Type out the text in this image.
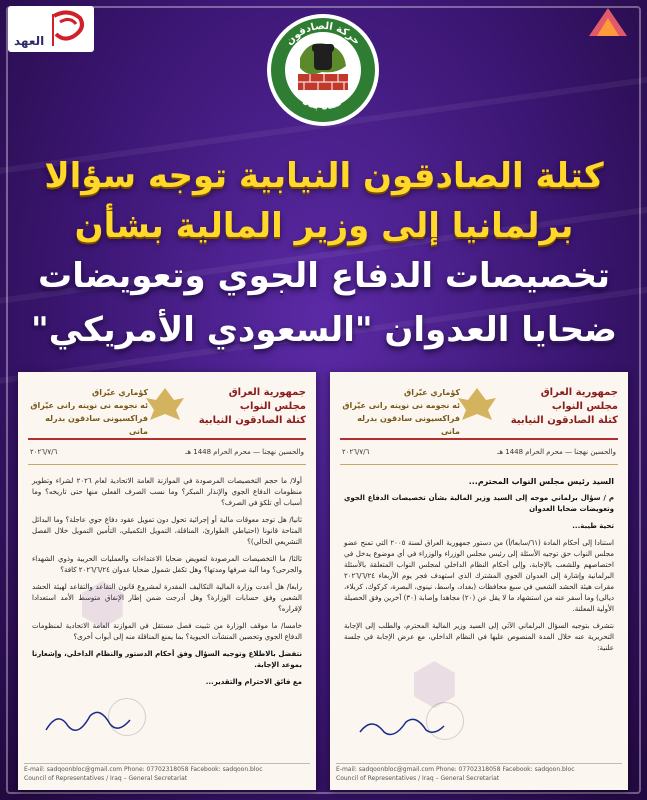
العهد	حركة الصادقون
حماة بناة
كتلة الصادقون النيابية توجه سؤالا
برلمانيا إلى وزير المالية بشأن
تخصيصات الدفاع الجوي وتعويضات
ضحايا العدوان "السعودي الأمريكي"
جمهورية العراق
مجلس النواب
كتلة الصادقون النيابية
كؤماري عيّراق
ئه نجومه نى نوينه رانى عيّراق
فراكسيونى سادقون بدرله مانى
والحسين نهجنا — محرم الحرام 1448 هـ
٢٠٢٦/٧/٦

أولا/ ما حجم التخصيصات المرصودة في الموازنة العامة الاتحادية لعام ٢٠٢٦ لشراء وتطوير منظومات الدفاع الجوي والإنذار المبكر؟ وما نسب الصرف الفعلي منها حتى تاريخه؟ وما أسباب أي تلكؤ في الصرف؟

ثانيا/ هل توجد معوقات مالية أو إجرائية تحول دون تمويل عقود دفاع جوي عاجلة؟ وما البدائل المتاحة قانونا (احتياطي الطوارئ، المناقلة، التمويل التكميلي، التأمين التمويل خلال الفصل التشريعي الحالي)؟

ثالثا/ ما التخصيصات المرصودة لتعويض ضحايا الاعتداءات والعمليات الحربية وذوي الشهداء والجرحى؟ وما آلية صرفها ومدتها؟ وهل تكفل شمول ضحايا عدوان ٢٠٢٦/٦/٢٤ كافة؟

رابعا/ هل أعدت وزارة المالية التكاليف المقدرة لمشروع قانون التقاعد والتقاعد لهيئة الحشد الشعبي وفق حسابات الوزارة؟ وهل أدرجت ضمن إطار الإنفاق متوسط الأمد استعدادا لإقراره؟

خامسا/ ما موقف الوزارة من تثبيت فصل مستقل في الموازنة العامة الاتحادية لمنظومات الدفاع الجوي وتحصين المنشآت الحيوية؟ بما يمنع المناقلة منه إلى أبواب أخرى؟

نتفضل بالاطلاع وتوجيه السؤال وفق أحكام الدستور والنظام الداخلي، وإشعارنا بموعد الإجابة.

مع فائق الاحترام والتقدير...

⬢
E-mail: sadqoonbloc@gmail.com Phone: 07702318058 Facebook: sadqoon.bloc
Council of Representatives / Iraq – General Secretariat
جمهورية العراق
مجلس النواب
كتلة الصادقون النيابية
كؤماري عيّراق
ئه نجومه نى نوينه رانى عيّراق
فراكسيونى سادقون بدرله مانى
والحسين نهجنا — محرم الحرام 1448 هـ
٢٠٢٦/٧/٦

السيد رئيس مجلس النواب المحترم...

م / سؤال برلماني موجه إلى السيد وزير المالية بشأن تخصيصات الدفاع الجوي وتعويضات ضحايا العدوان

تحية طيبة...

استنادا إلى أحكام المادة (٦١/سابعا/أ) من دستور جمهورية العراق لسنة ٢٠٠٥ التي تمنح عضو مجلس النواب حق توجيه الأسئلة إلى رئيس مجلس الوزراء والوزراء في أي موضوع يدخل في اختصاصهم وللشعب بالإجابة، وإلى أحكام النظام الداخلي لمجلس النواب المتعلقة بالأسئلة البرلمانية وإشارة إلى العدوان الجوي المشترك الذي استهدف فجر يوم الأربعاء ٢٠٢٦/٦/٢٤ مقرات هيئة الحشد الشعبي في سبع محافظات (بغداد، واسط، نينوى، البصرة، كركوك، كربلاء، ديالى) وما أسفر عنه من استشهاد ما لا يقل عن (٢٠) مجاهدا وإصابة (٣٠) آخرين وفق الحصيلة الأولية المعلنة.

نتشرف بتوجيه السؤال البرلماني الآتي إلى السيد وزير المالية المحترم، والطلب إلى الإجابة التحريرية عنه خلال المدة المنصوص عليها في النظام الداخلي، مع عرض الإجابة في جلسة علنية:

⬢
E-mail: sadqoonbloc@gmail.com Phone: 07702318058 Facebook: sadqoon.bloc
Council of Representatives / Iraq – General Secretariat
